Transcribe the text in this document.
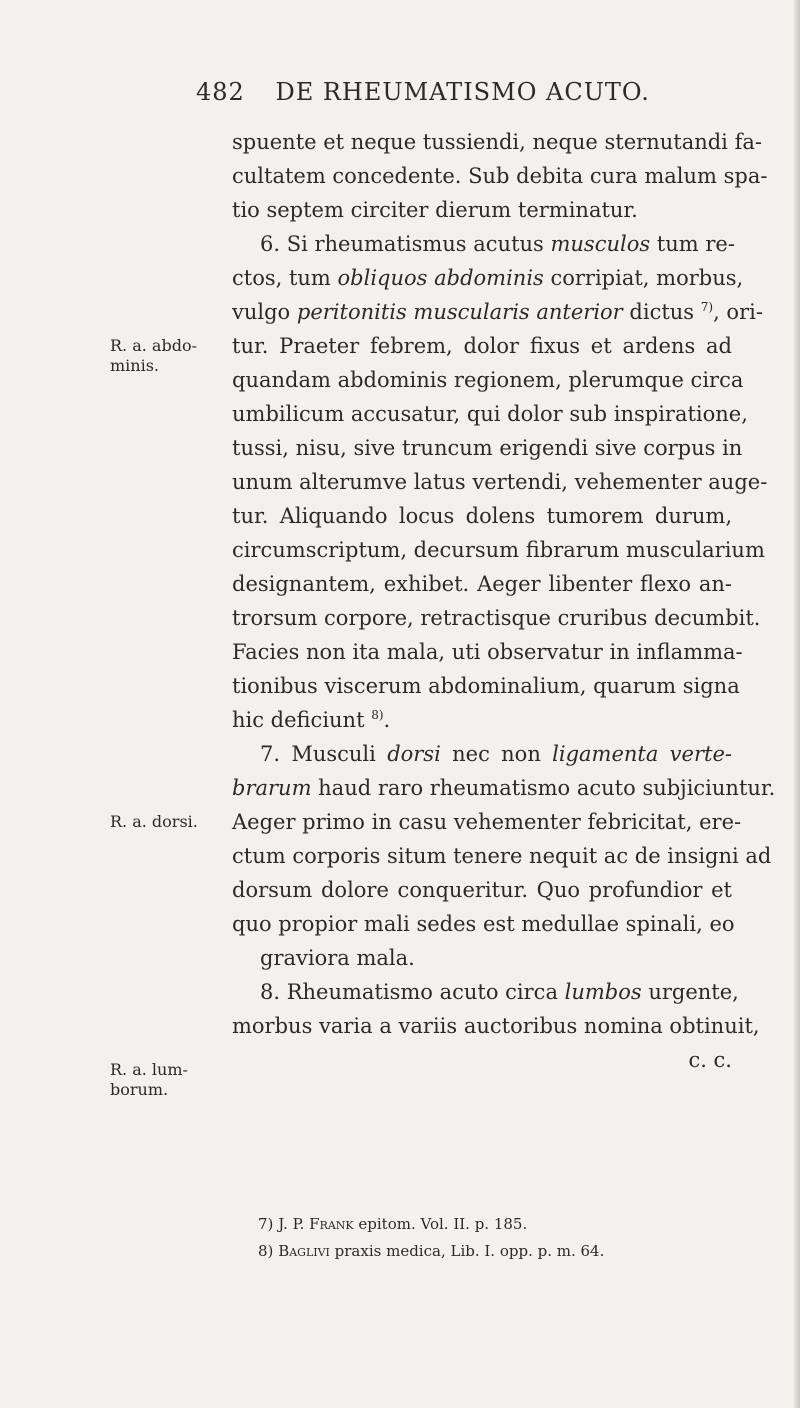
482 DE RHEUMATISMO ACUTO.
R. a. abdo-
minis.
R. a. dorsi.
R. a. lum-
borum.
spuente et neque tussiendi, neque sternutandi fa-
cultatem concedente. Sub debita cura malum spa-
tio septem circiter dierum terminatur.
6. Si rheumatismus acutus musculos tum re-
ctos, tum obliquos abdominis corripiat, morbus,
vulgo peritonitis muscularis anterior dictus $^{7)}$, ori-
tur. Praeter febrem, dolor fixus et ardens ad
quandam abdominis regionem, plerumque circa
umbilicum accusatur, qui dolor sub inspiratione,
tussi, nisu, sive truncum erigendi sive corpus in
unum alterumve latus vertendi, vehementer auge-
tur. Aliquando locus dolens tumorem durum,
circumscriptum, decursum fibrarum muscularium
designantem, exhibet. Aeger libenter flexo an-
trorsum corpore, retractisque cruribus decumbit.
Facies non ita mala, uti observatur in inflamma-
tionibus viscerum abdominalium, quarum signa
hic deficiunt $^{8)}$.
7. Musculi dorsi nec non ligamenta verte-
brarum haud raro rheumatismo acuto subjiciuntur.
Aeger primo in casu vehementer febricitat, ere-
ctum corporis situm tenere nequit ac de insigni ad
dorsum dolore conqueritur. Quo profundior et
quo propior mali sedes est medullae spinali, eo
graviora mala.
8. Rheumatismo acuto circa lumbos urgente,
morbus varia a variis auctoribus nomina obtinuit,
c. c.
7) J. P. Frank epitom. Vol. II. p. 185.
8) Baglivi praxis medica, Lib. I. opp. p. m. 64.
